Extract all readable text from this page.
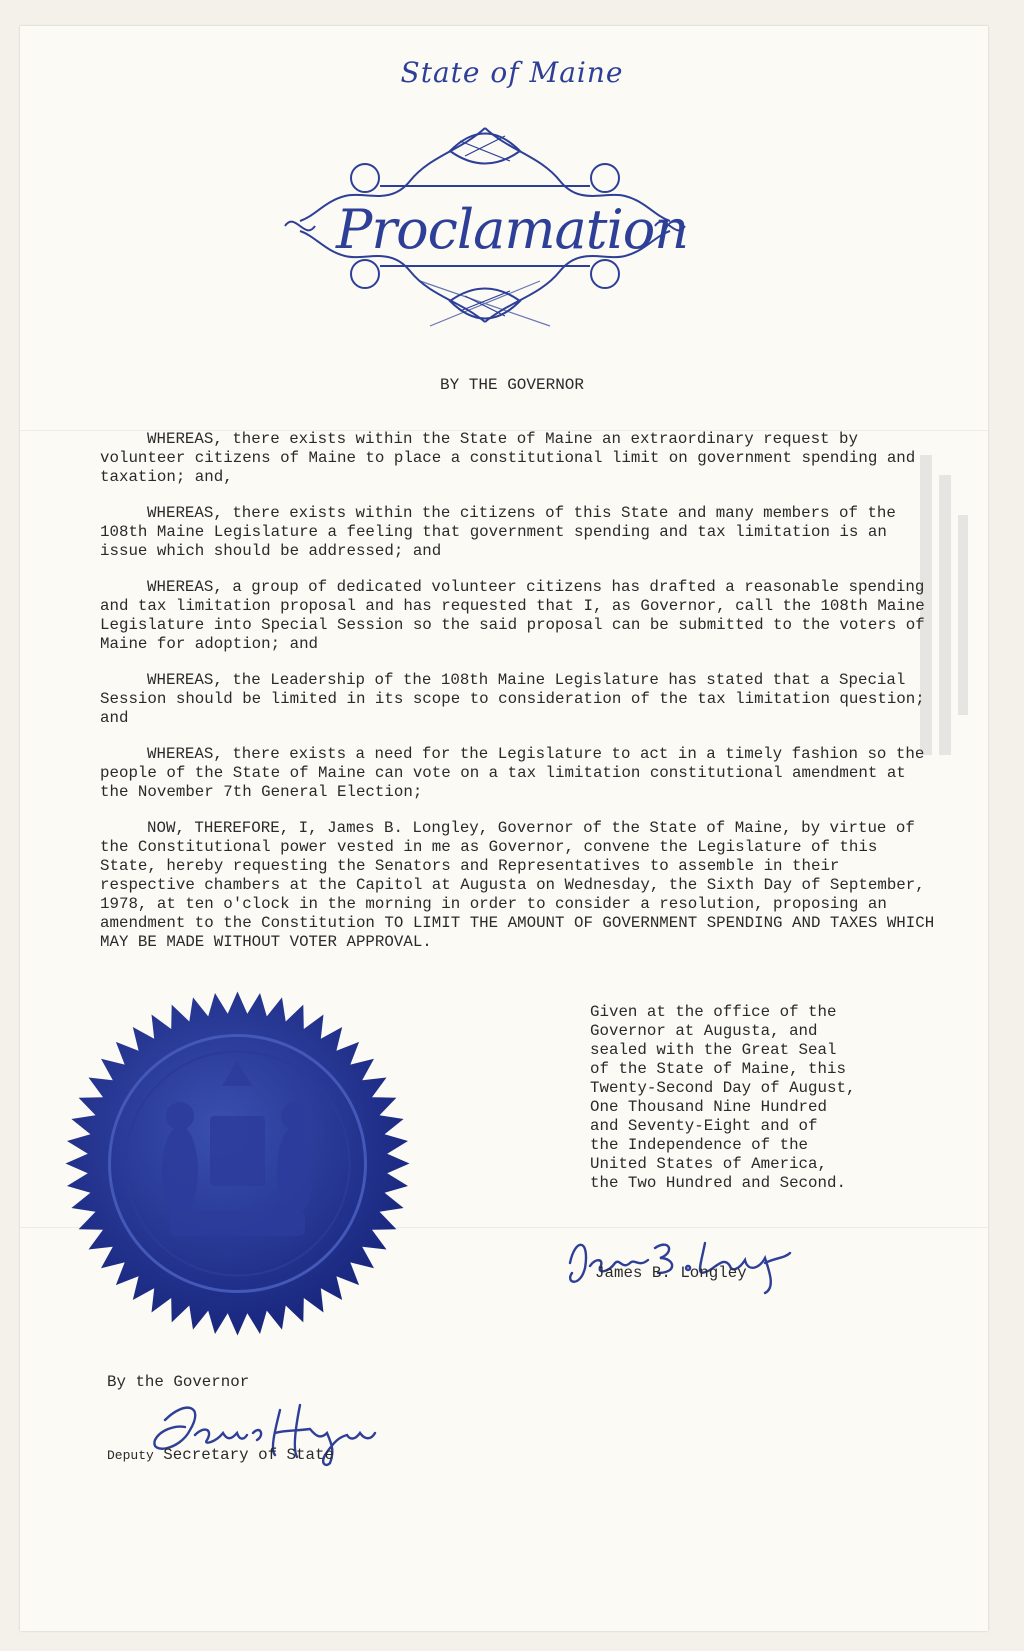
State of Maine
Proclamation
BY THE GOVERNOR

WHEREAS, there exists within the State of Maine an extraordinary request by volunteer citizens of Maine to place a constitutional limit on government spending and taxation; and,

WHEREAS, there exists within the citizens of this State and many members of the 108th Maine Legislature a feeling that government spending and tax limitation is an issue which should be addressed; and

WHEREAS, a group of dedicated volunteer citizens has drafted a reasonable spending and tax limitation proposal and has requested that I, as Governor, call the 108th Maine Legislature into Special Session so the said proposal can be submitted to the voters of Maine for adoption; and

WHEREAS, the Leadership of the 108th Maine Legislature has stated that a Special Session should be limited in its scope to consideration of the tax limitation question; and

WHEREAS, there exists a need for the Legislature to act in a timely fashion so the people of the State of Maine can vote on a tax limitation constitutional amendment at the November 7th General Election;

NOW, THEREFORE, I, James B. Longley, Governor of the State of Maine, by virtue of the Constitutional power vested in me as Governor, convene the Legislature of this State, hereby requesting the Senators and Representatives to assemble in their respective chambers at the Capitol at Augusta on Wednesday, the Sixth Day of September, 1978, at ten o'clock in the morning in order to consider a resolution, proposing an amendment to the Constitution TO LIMIT THE AMOUNT OF GOVERNMENT SPENDING AND TAXES WHICH MAY BE MADE WITHOUT VOTER APPROVAL.

Given at the office of the
Governor at Augusta, and
sealed with the Great Seal
of the State of Maine, this
Twenty-Second Day of August,
One Thousand Nine Hundred
and Seventy-Eight and of
the Independence of the
United States of America,
the Two Hundred and Second.
James B. Longley
By the Governor
Deputy Secretary of State
